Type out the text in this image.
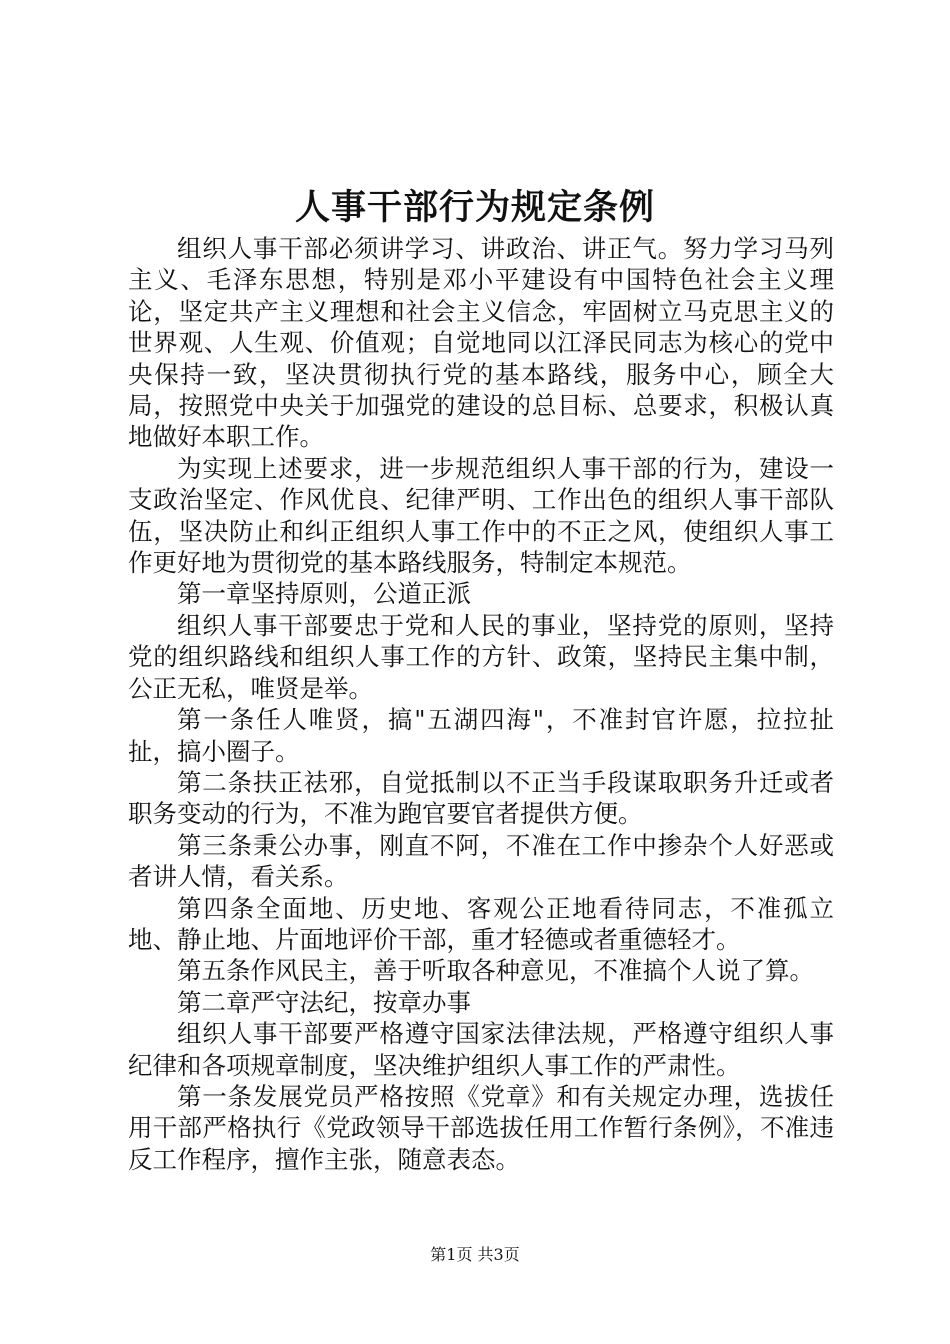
人事干部行为规定条例

组织人事干部必须讲学习、讲政治、讲正气。努力学习马列主义、毛泽东思想，特别是邓小平建设有中国特色社会主义理论，坚定共产主义理想和社会主义信念，牢固树立马克思主义的世界观、人生观、价值观；自觉地同以江泽民同志为核心的党中央保持一致，坚决贯彻执行党的基本路线，服务中心，顾全大局，按照党中央关于加强党的建设的总目标、总要求，积极认真地做好本职工作。

为实现上述要求，进一步规范组织人事干部的行为，建设一支政治坚定、作风优良、纪律严明、工作出色的组织人事干部队伍，坚决防止和纠正组织人事工作中的不正之风，使组织人事工作更好地为贯彻党的基本路线服务，特制定本规范。

第一章坚持原则，公道正派

组织人事干部要忠于党和人民的事业，坚持党的原则，坚持党的组织路线和组织人事工作的方针、政策，坚持民主集中制，公正无私，唯贤是举。

第一条任人唯贤，搞"五湖四海"，不准封官许愿，拉拉扯扯，搞小圈子。

第二条扶正祛邪，自觉抵制以不正当手段谋取职务升迁或者职务变动的行为，不准为跑官要官者提供方便。

第三条秉公办事，刚直不阿，不准在工作中掺杂个人好恶或者讲人情，看关系。

第四条全面地、历史地、客观公正地看待同志，不准孤立地、静止地、片面地评价干部，重才轻德或者重德轻才。

第五条作风民主，善于听取各种意见，不准搞个人说了算。

第二章严守法纪，按章办事

组织人事干部要严格遵守国家法律法规，严格遵守组织人事纪律和各项规章制度，坚决维护组织人事工作的严肃性。

第一条发展党员严格按照《党章》和有关规定办理，选拔任用干部严格执行《党政领导干部选拔任用工作暂行条例》，不准违反工作程序，擅作主张，随意表态。

第1页 共3页
